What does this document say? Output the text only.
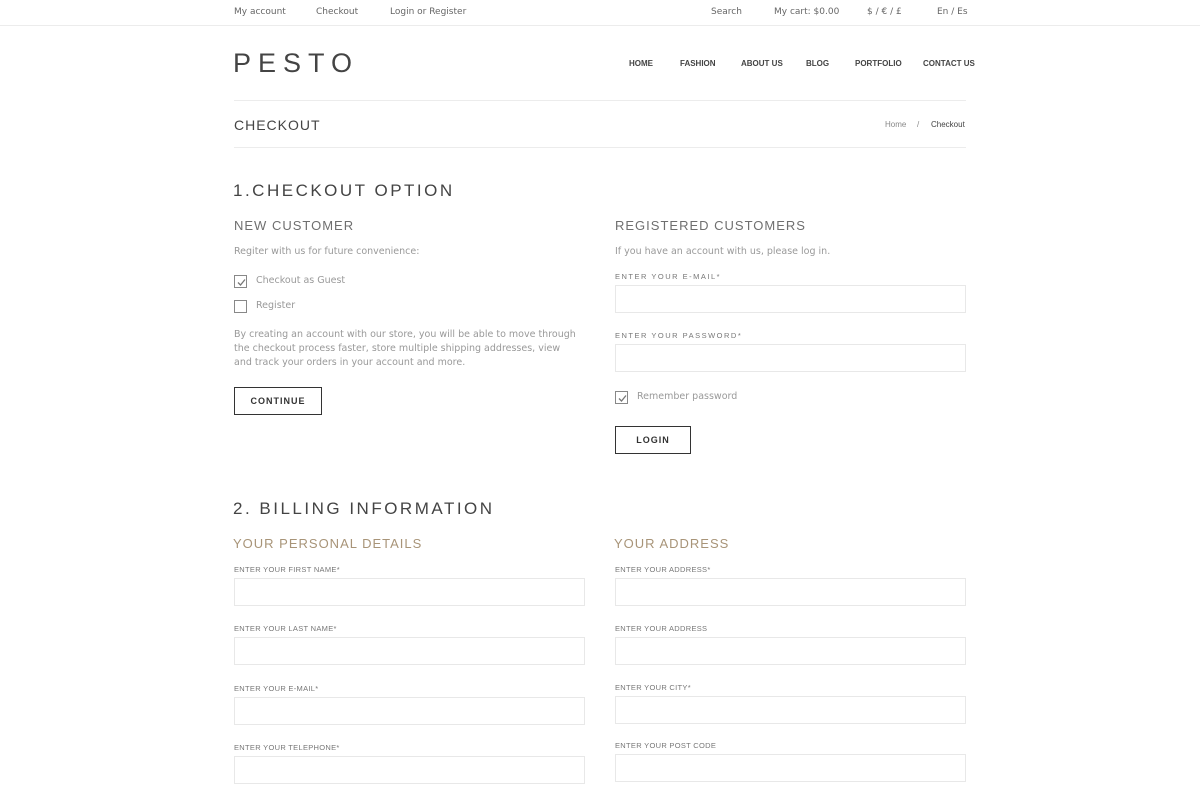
My account	Checkout	Login or Register	Search	My cart: $0.00	$ / € / £	En / Es
PESTO	HOME	FASHION	ABOUT US	BLOG	PORTFOLIO	CONTACT US
CHECKOUT	Home / Checkout
1.CHECKOUT OPTION
NEW CUSTOMER
Regiter with us for future convenience:
Checkout as Guest
Register
By creating an account with our store, you will be able to move through the checkout process faster, store multiple shipping addresses, view and track your orders in your account and more.
CONTINUE
REGISTERED CUSTOMERS
If you have an account with us, please log in.
ENTER YOUR E-MAIL*
ENTER YOUR PASSWORD*
Remember password
LOGIN
2. BILLING INFORMATION
YOUR PERSONAL DETAILS	YOUR ADDRESS
ENTER YOUR FIRST NAME*
ENTER YOUR LAST NAME*
ENTER YOUR E-MAIL*
ENTER YOUR TELEPHONE*
ENTER YOUR ADDRESS*
ENTER YOUR ADDRESS
ENTER YOUR CITY*
ENTER YOUR POST CODE
